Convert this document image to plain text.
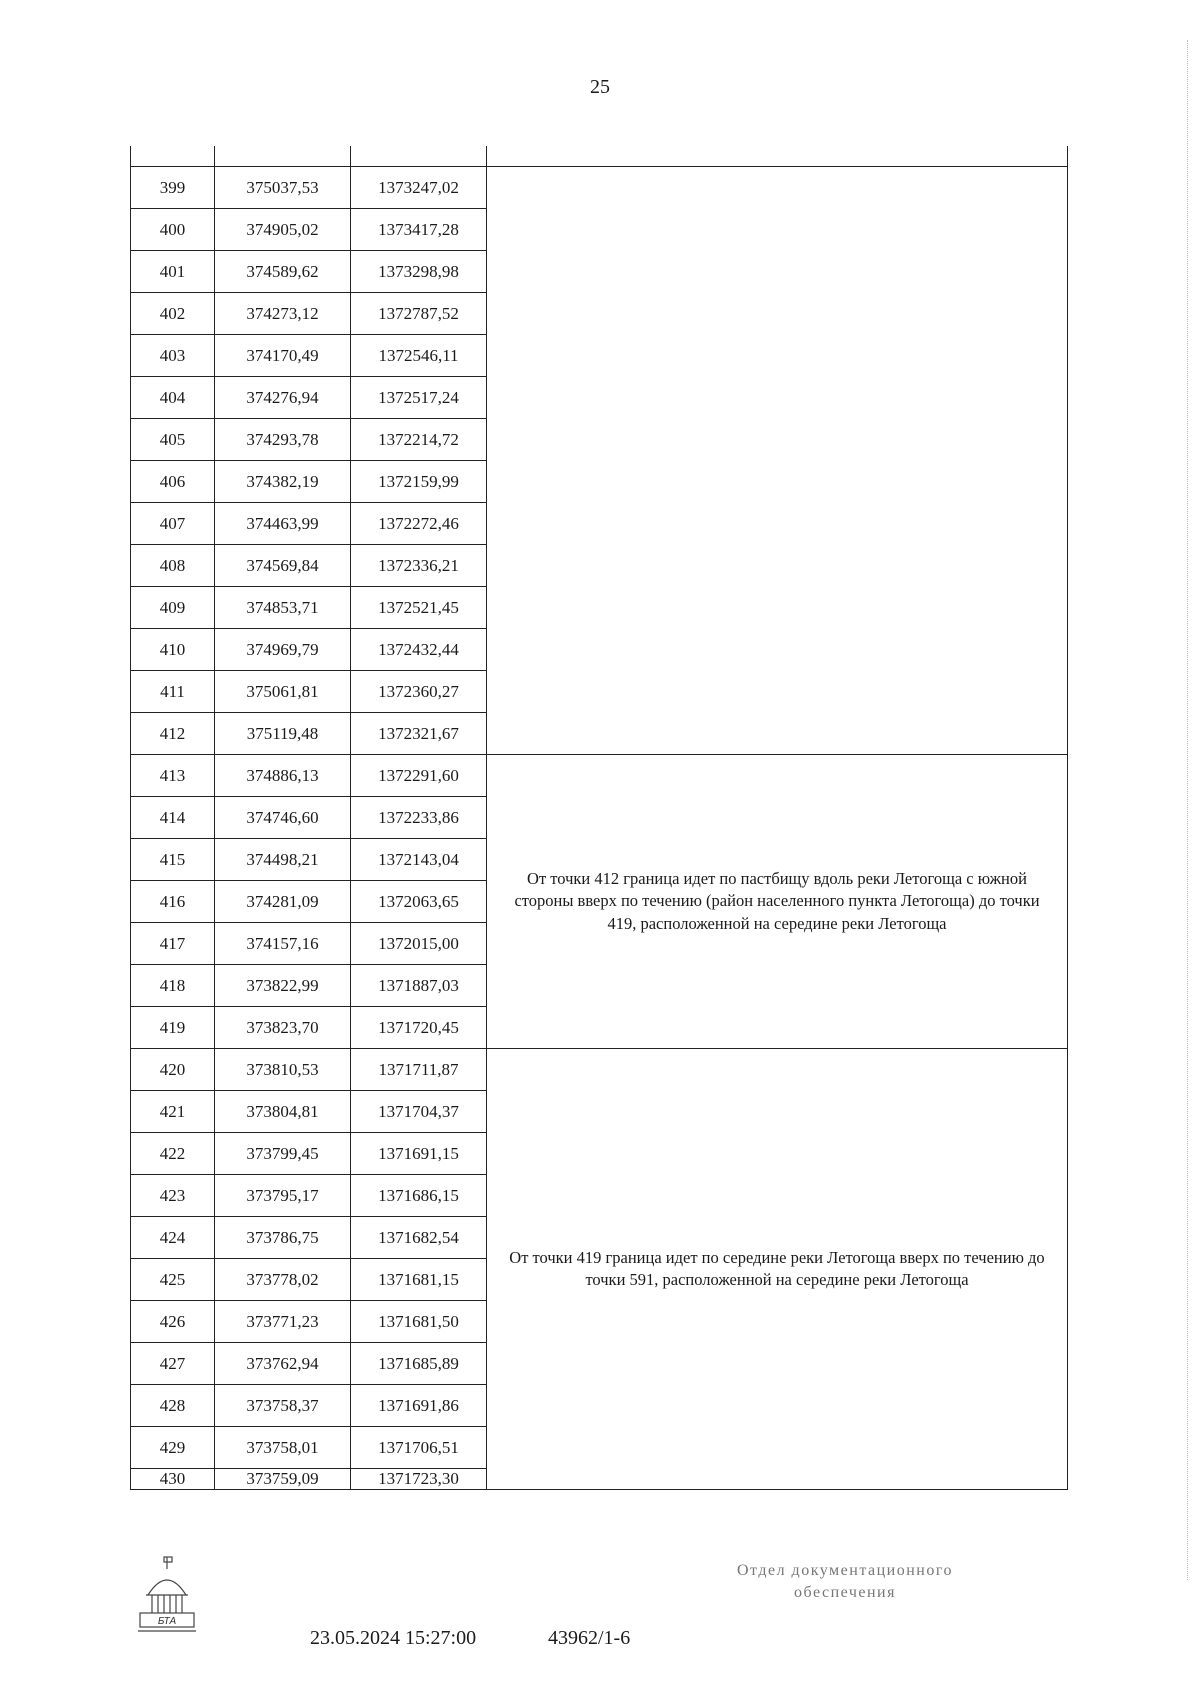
25

399	375037,53	1373247,02	
400	374905,02	1373417,28	
401	374589,62	1373298,98	
402	374273,12	1372787,52	
403	374170,49	1372546,11	
404	374276,94	1372517,24	
405	374293,78	1372214,72	
406	374382,19	1372159,99	
407	374463,99	1372272,46	
408	374569,84	1372336,21	
409	374853,71	1372521,45	
410	374969,79	1372432,44	
411	375061,81	1372360,27	
412	375119,48	1372321,67	
413	374886,13	1372291,60	От точки 412 граница идет по пастбищу вдоль реки Летогоща с южной стороны вверх по течению (район населенного пункта Летогоща) до точки 419, расположенной на середине реки Летогоща
414	374746,60	1372233,86	
415	374498,21	1372143,04	
416	374281,09	1372063,65	
417	374157,16	1372015,00	
418	373822,99	1371887,03	
419	373823,70	1371720,45	
420	373810,53	1371711,87	От точки 419 граница идет по середине реки Летогоща вверх по течению до точки 591, расположенной на середине реки Летогоща
421	373804,81	1371704,37	
422	373799,45	1371691,15	
423	373795,17	1371686,15	
424	373786,75	1371682,54	
425	373778,02	1371681,15	
426	373771,23	1371681,50	
427	373762,94	1371685,89	
428	373758,37	1371691,86	
429	373758,01	1371706,51	
430	373759,09	1371723,30	
БТА
Отдел документационного обеспечения
23.05.2024 15:27:00	43962/1-6
